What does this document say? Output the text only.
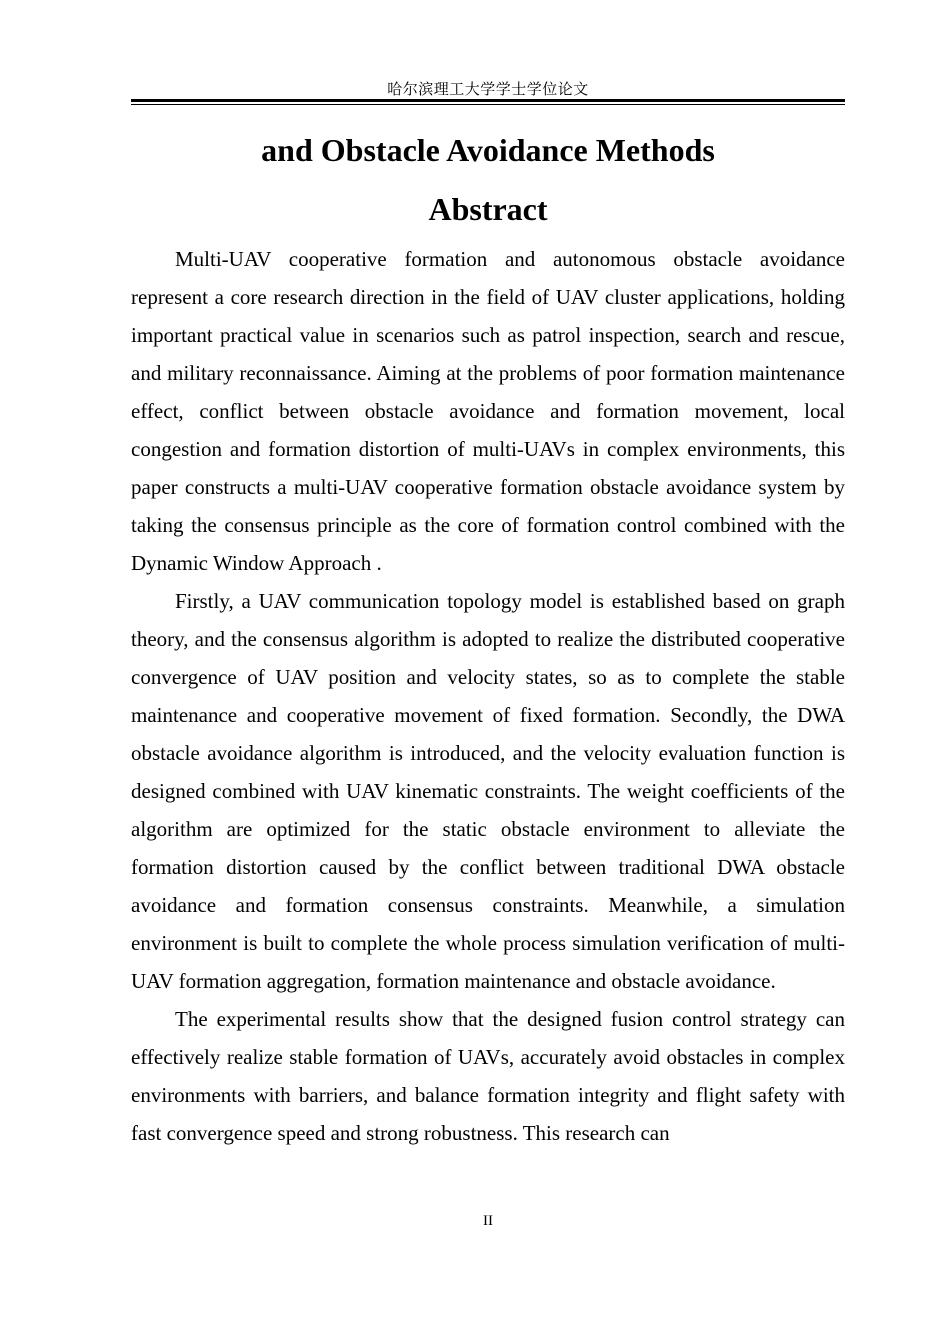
哈尔滨理工大学学士学位论文
and Obstacle Avoidance Methods
Abstract

Multi-UAV cooperative formation and autonomous obstacle avoidance represent a core research direction in the field of UAV cluster applications, holding important practical value in scenarios such as patrol inspection, search and rescue, and military reconnaissance. Aiming at the problems of poor formation maintenance effect, conflict between obstacle avoidance and formation movement, local congestion and formation distortion of multi-UAVs in complex environments, this paper constructs a multi-UAV cooperative formation obstacle avoidance system by taking the consensus principle as the core of formation control combined with the Dynamic Window Approach .

Firstly, a UAV communication topology model is established based on graph theory, and the consensus algorithm is adopted to realize the distributed cooperative convergence of UAV position and velocity states, so as to complete the stable maintenance and cooperative movement of fixed formation. Secondly, the DWA obstacle avoidance algorithm is introduced, and the velocity evaluation function is designed combined with UAV kinematic constraints. The weight coefficients of the algorithm are optimized for the static obstacle environment to alleviate the formation distortion caused by the conflict between traditional DWA obstacle avoidance and formation consensus constraints. Meanwhile, a simulation environment is built to complete the whole process simulation verification of multi-UAV formation aggregation, formation maintenance and obstacle avoidance.

The experimental results show that the designed fusion control strategy can effectively realize stable formation of UAVs, accurately avoid obstacles in complex environments with barriers, and balance formation integrity and flight safety with fast convergence speed and strong robustness. This research can

II
